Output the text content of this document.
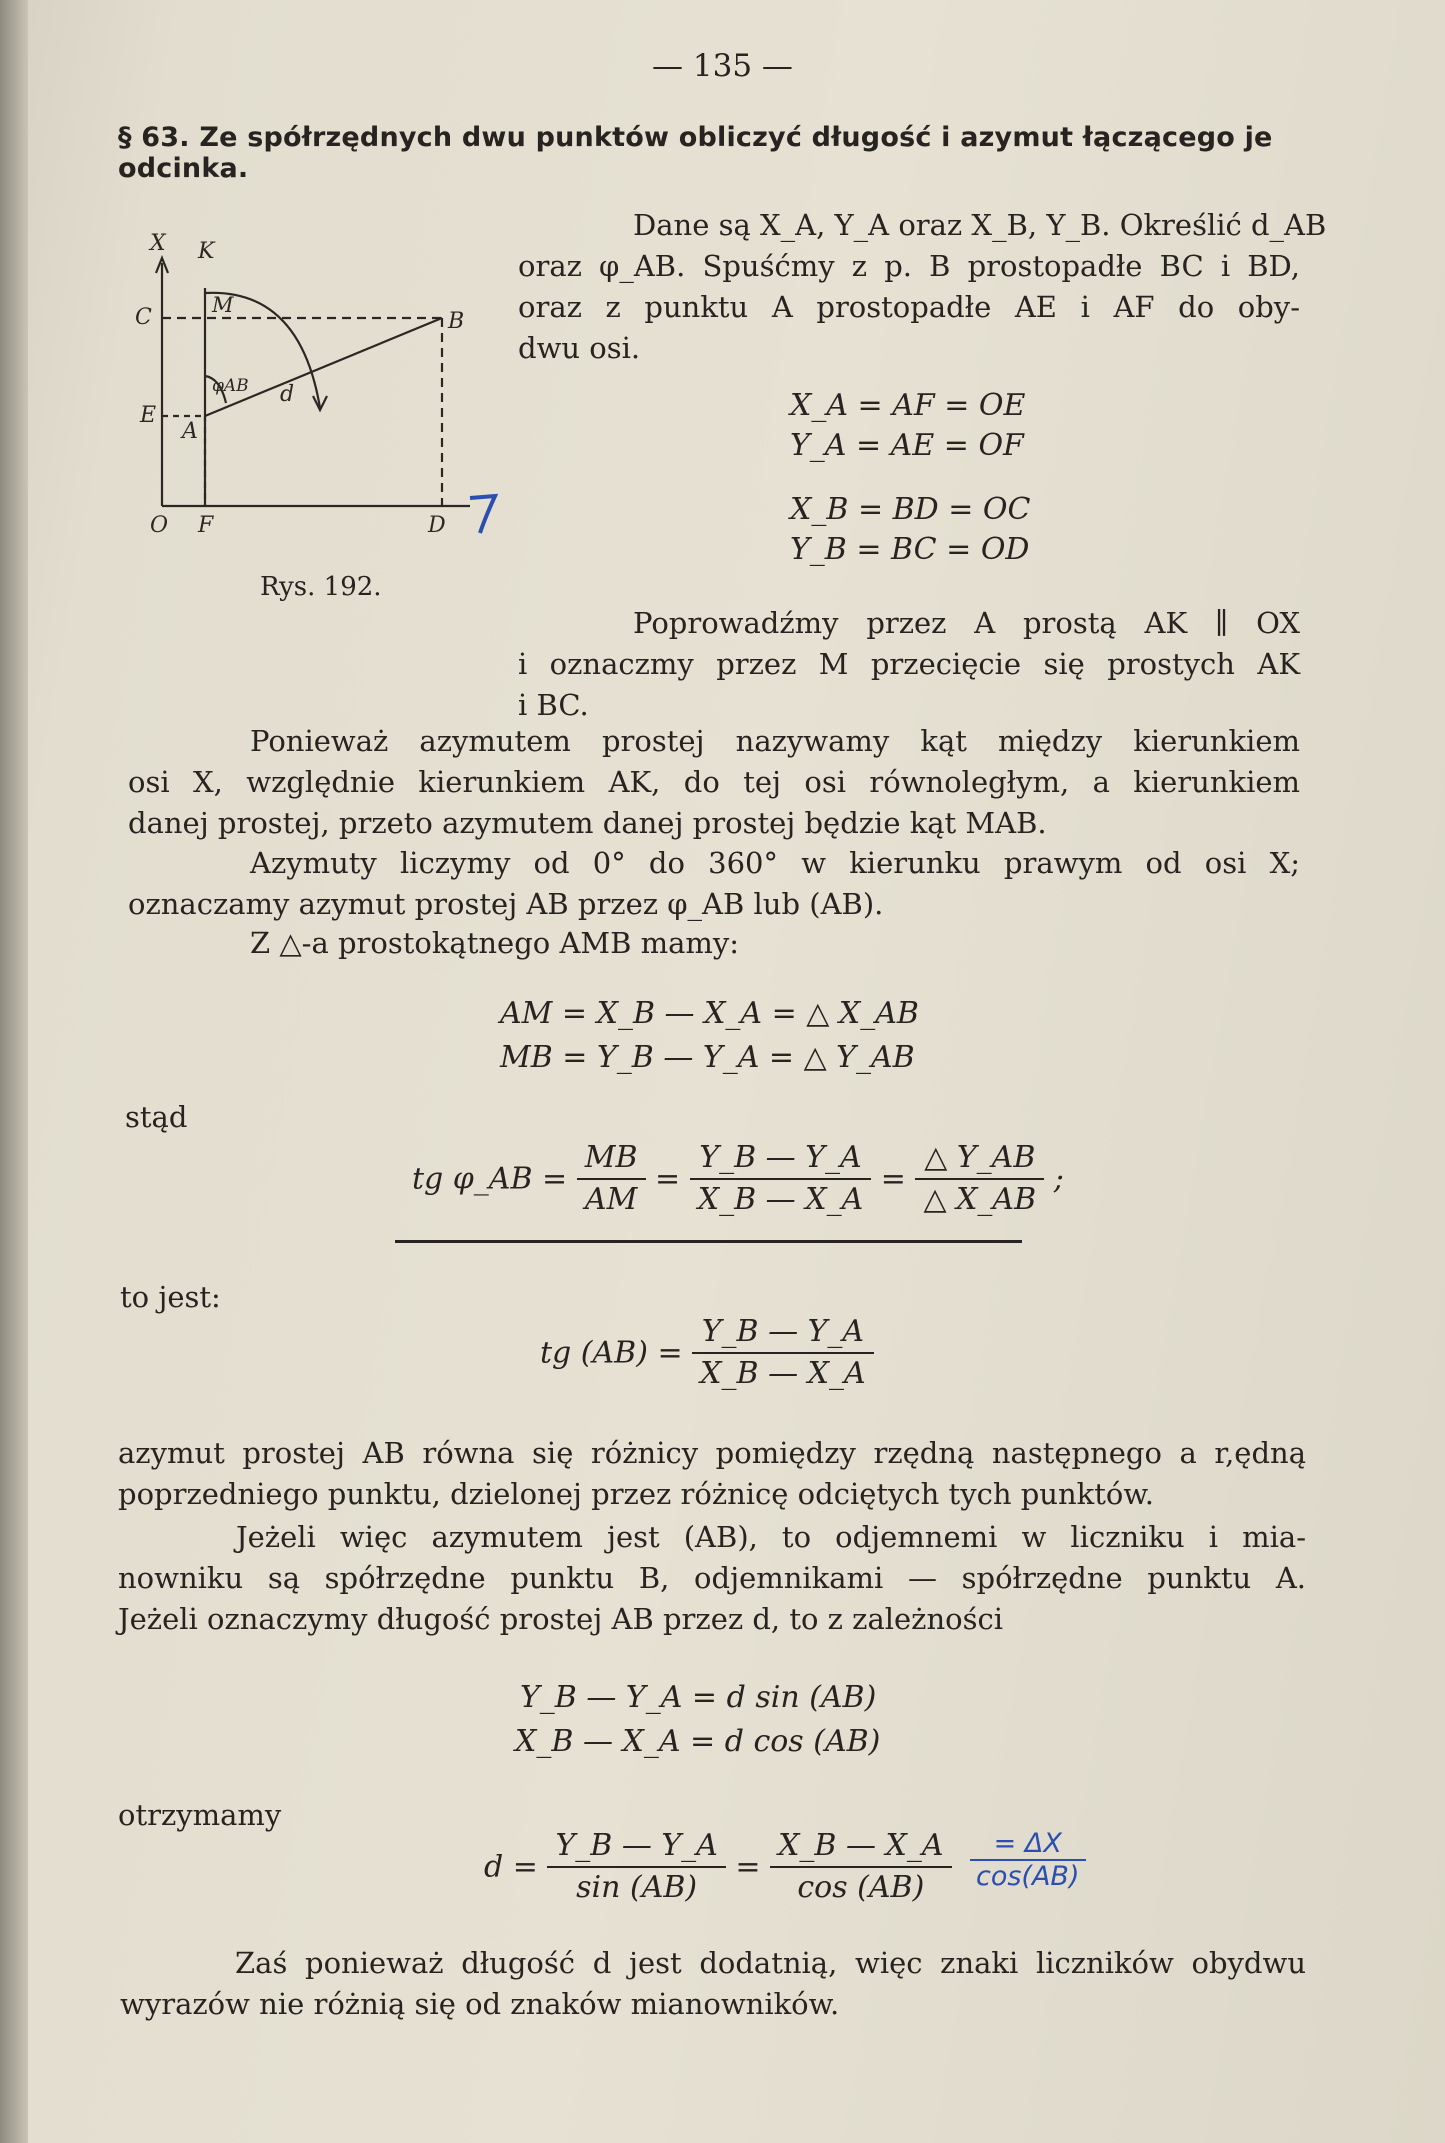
— 135 —
§ 63. Ze spółrzędnych dwu punktów obliczyć długość i azymut łączącego je odcinka.
X K
C	M
B
φAB d
E
A
O F	D
Rys. 192.
Dane są X_A, Y_A oraz X_B, Y_B. Określić d_AB
oraz φ_AB. Spuśćmy z p. B prostopadłe BC i BD,
oraz z punktu A prostopadłe AE i AF do oby-
dwu osi.
X_A = AF = OE
Y_A = AE = OF
X_B = BD = OC
Y_B = BC = OD
Poprowadźmy przez A prostą AK ∥ OX
i oznaczmy przez M przecięcie się prostych AK
i BC.
Ponieważ azymutem prostej nazywamy kąt między kierunkiem
osi X, względnie kierunkiem AK, do tej osi równoległym, a kierunkiem
danej prostej, przeto azymutem danej prostej będzie kąt MAB.
Azymuty liczymy od 0° do 360° w kierunku prawym od osi X;
oznaczamy azymut prostej AB przez φ_AB lub (AB).
Z △-a prostokątnego AMB mamy:
AM = X_B — X_A = △ X_AB
MB = Y_B — Y_A = △ Y_AB
stąd
tg φ_AB = $\frac{MB}{AM} = \frac{Y\_B — Y\_A}{X\_B — X\_A} = \frac{\triangle Y\_AB}{\triangle X\_AB}$ ;
to jest:
tg $(AB) = \frac{Y\_B — Y\_A}{X\_B — X\_A}$
azymut prostej AB równa się różnicy pomiędzy rzędną następnego a r,ędną
poprzedniego punktu, dzielonej przez różnicę odciętych tych punktów.
Jeżeli więc azymutem jest (AB), to odjemnemi w liczniku i mia-
nowniku są spółrzędne punktu B, odjemnikami — spółrzędne punktu A.
Jeżeli oznaczymy długość prostej AB przez d, to z zależności
Y_B — Y_A = d sin (AB)
X_B — X_A = d cos (AB)
otrzymamy
$d = \frac{Y\_B — Y\_A}{\sin (AB)} = \frac{X\_B — X\_A}{\cos (AB)} \frac{= \Delta X}{\cos(AB)}$
Zaś ponieważ długość d jest dodatnią, więc znaki liczników obydwu
wyrazów nie różnią się od znaków mianowników.
